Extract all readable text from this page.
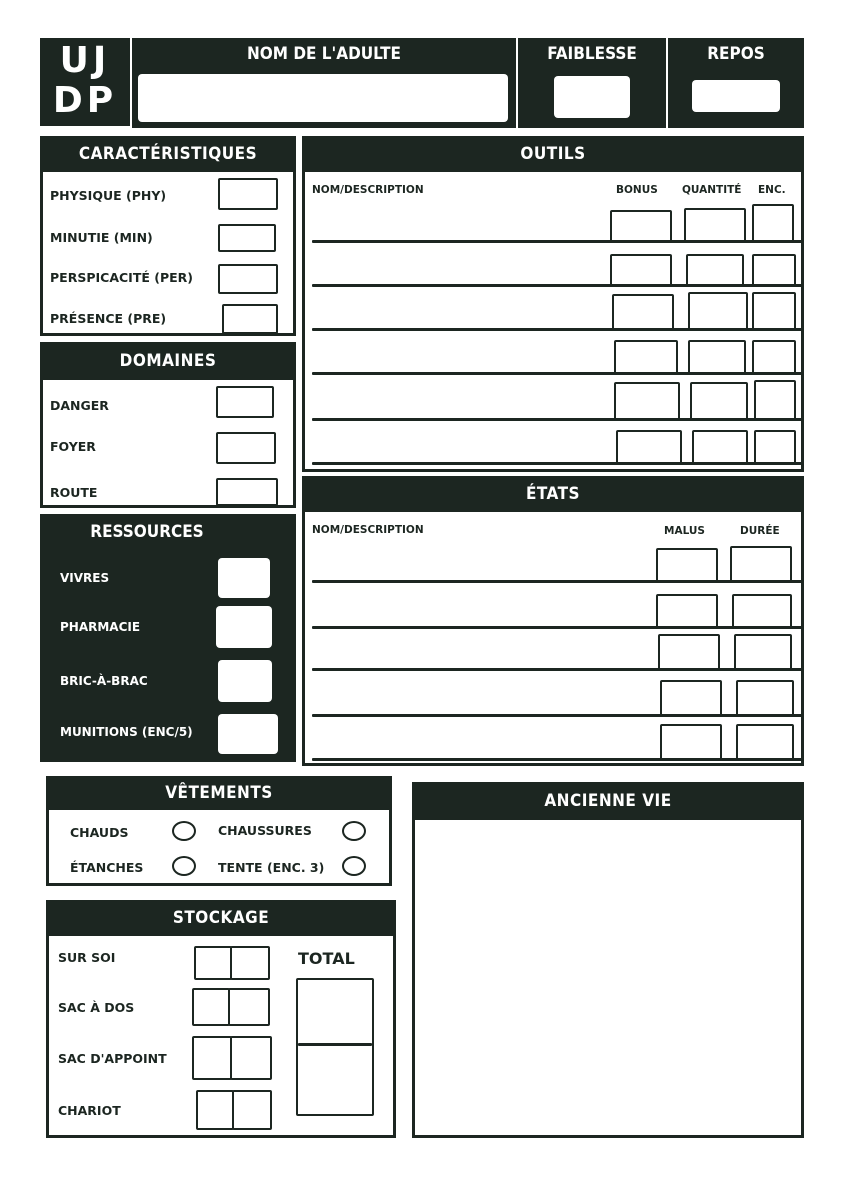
UJ
DP
NOM DE L'ADULTE	FAIBLESSE	REPOS
CARACTÉRISTIQUES
PHYSIQUE (PHY)
MINUTIE (MIN)
PERSPICACITÉ (PER)
PRÉSENCE (PRE)
DOMAINES
DANGER
FOYER
ROUTE
RESSOURCES
VIVRES
PHARMACIE
BRIC-À-BRAC
MUNITIONS (ENC/5)
OUTILS
NOM/DESCRIPTION	BONUS QUANTITÉ ENC.
ÉTATS
NOM/DESCRIPTION	MALUS	DURÉE
VÊTEMENTS
CHAUDS	CHAUSSURES
ÉTANCHES	TENTE (ENC. 3)
ANCIENNE VIE
STOCKAGE
TOTAL
SUR SOI
SAC À DOS
SAC D'APPOINT
CHARIOT
